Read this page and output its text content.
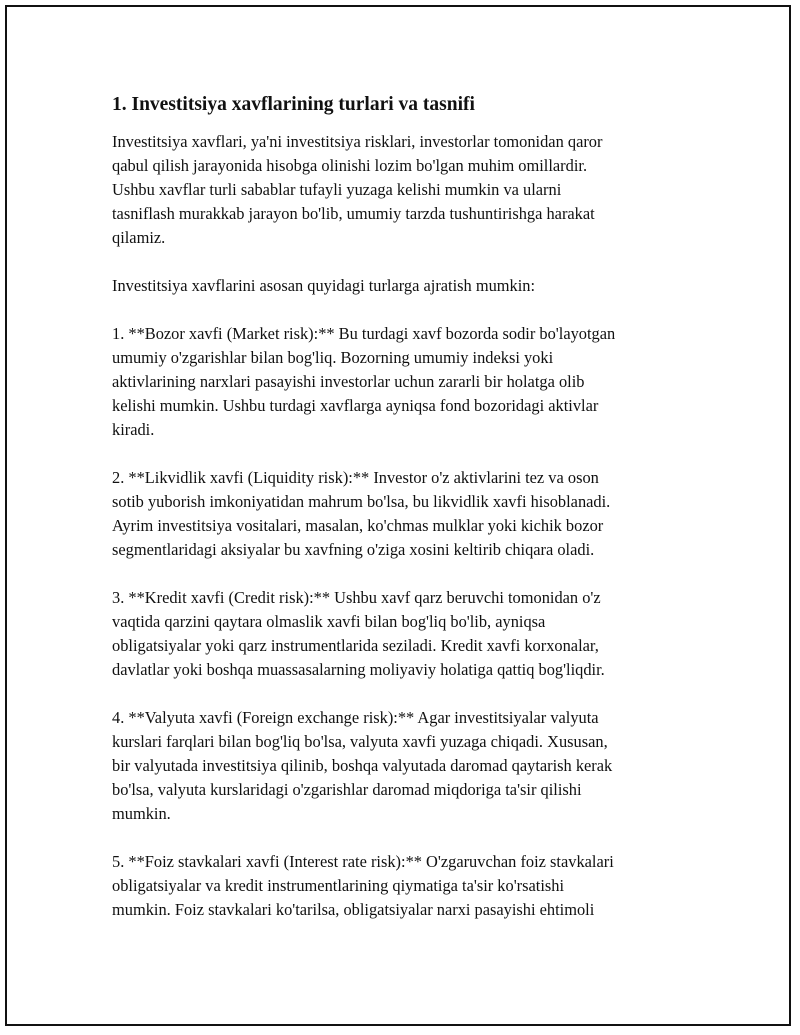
1. Investitsiya xavflarining turlari va tasnifi
Investitsiya xavflari, ya'ni investitsiya risklari, investorlar tomonidan qaror
qabul qilish jarayonida hisobga olinishi lozim bo'lgan muhim omillardir.
Ushbu xavflar turli sabablar tufayli yuzaga kelishi mumkin va ularni
tasniflash murakkab jarayon bo'lib, umumiy tarzda tushuntirishga harakat
qilamiz.
Investitsiya xavflarini asosan quyidagi turlarga ajratish mumkin:
1. **Bozor xavfi (Market risk):** Bu turdagi xavf bozorda sodir bo'layotgan
umumiy o'zgarishlar bilan bog'liq. Bozorning umumiy indeksi yoki
aktivlarining narxlari pasayishi investorlar uchun zararli bir holatga olib
kelishi mumkin. Ushbu turdagi xavflarga ayniqsa fond bozoridagi aktivlar
kiradi.
2. **Likvidlik xavfi (Liquidity risk):** Investor o'z aktivlarini tez va oson
sotib yuborish imkoniyatidan mahrum bo'lsa, bu likvidlik xavfi hisoblanadi.
Ayrim investitsiya vositalari, masalan, ko'chmas mulklar yoki kichik bozor
segmentlaridagi aksiyalar bu xavfning o'ziga xosini keltirib chiqara oladi.
3. **Kredit xavfi (Credit risk):** Ushbu xavf qarz beruvchi tomonidan o'z
vaqtida qarzini qaytara olmaslik xavfi bilan bog'liq bo'lib, ayniqsa
obligatsiyalar yoki qarz instrumentlarida seziladi. Kredit xavfi korxonalar,
davlatlar yoki boshqa muassasalarning moliyaviy holatiga qattiq bog'liqdir.
4. **Valyuta xavfi (Foreign exchange risk):** Agar investitsiyalar valyuta
kurslari farqlari bilan bog'liq bo'lsa, valyuta xavfi yuzaga chiqadi. Xususan,
bir valyutada investitsiya qilinib, boshqa valyutada daromad qaytarish kerak
bo'lsa, valyuta kurslaridagi o'zgarishlar daromad miqdoriga ta'sir qilishi
mumkin.
5. **Foiz stavkalari xavfi (Interest rate risk):** O'zgaruvchan foiz stavkalari
obligatsiyalar va kredit instrumentlarining qiymatiga ta'sir ko'rsatishi
mumkin. Foiz stavkalari ko'tarilsa, obligatsiyalar narxi pasayishi ehtimoli
